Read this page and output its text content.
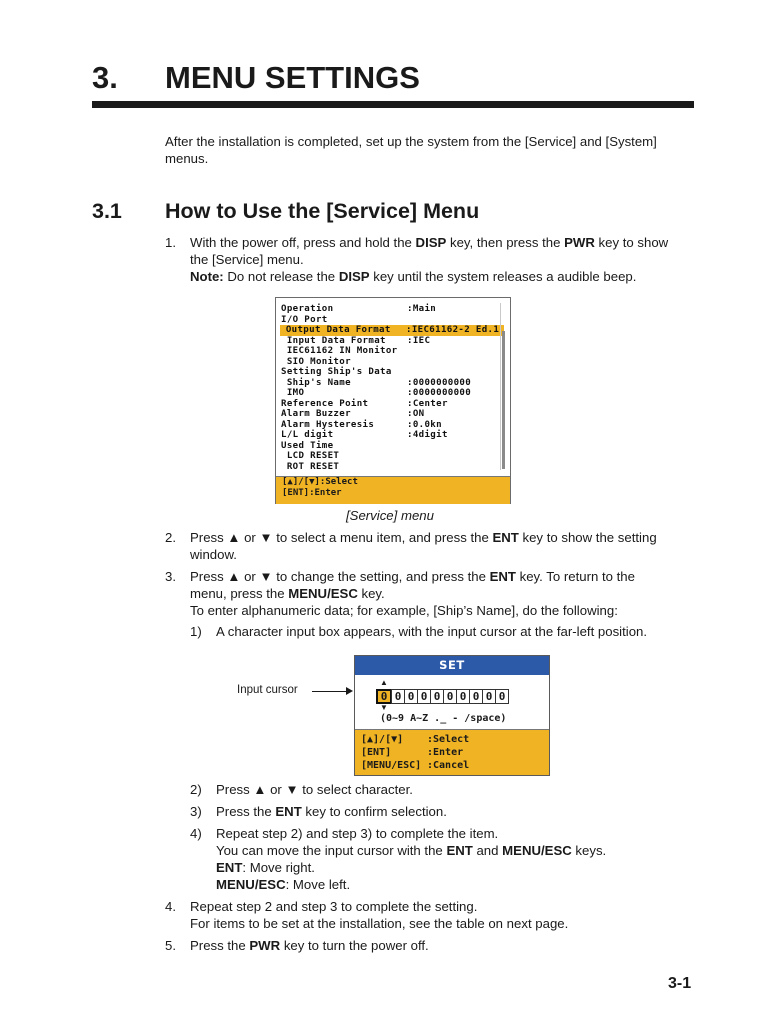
3. MENU SETTINGS
After the installation is completed, set up the system from the [Service] and [System] menus.
3.1 How to Use the [Service] Menu
1. With the power off, press and hold the DISP key, then press the PWR key to show
the [Service] menu.
Note: Do not release the DISP key until the system releases a audible beep.
Operation	:Main
I/O Port
Output Data Format :IEC61162-2 Ed.1
Input Data Format :IEC
IEC61162 IN Monitor
SIO Monitor
Setting Ship's Data
Ship's Name	:0000000000
IMO	:0000000000
Reference Point	:Center
Alarm Buzzer	:ON
Alarm Hysteresis	:0.0kn
L/L digit	:4digit
Used Time
LCD RESET
ROT RESET
[▲]/[▼]:Select
[ENT]:Enter
[Service] menu
2. Press ▲ or ▼ to select a menu item, and press the ENT key to show the setting
window.
3. Press ▲ or ▼ to change the setting, and press the ENT key. To return to the
menu, press the MENU/ESC key.
To enter alphanumeric data; for example, [Ship’s Name], do the following:
1) A character input box appears, with the input cursor at the far-left position.
Input cursor
SET
▲
0 0 0 0 0 0 0 0 0 0
▼
(0~9 A~Z ._ - /space)
[▲]/[▼] :Select
[ENT]	:Enter
[MENU/ESC] :Cancel
2) Press ▲ or ▼ to select character.
3) Press the ENT key to confirm selection.
4) Repeat step 2) and step 3) to complete the item.
You can move the input cursor with the ENT and MENU/ESC keys.
ENT: Move right.
MENU/ESC: Move left.
4. Repeat step 2 and step 3 to complete the setting.
For items to be set at the installation, see the table on next page.
5. Press the PWR key to turn the power off.
3-1
